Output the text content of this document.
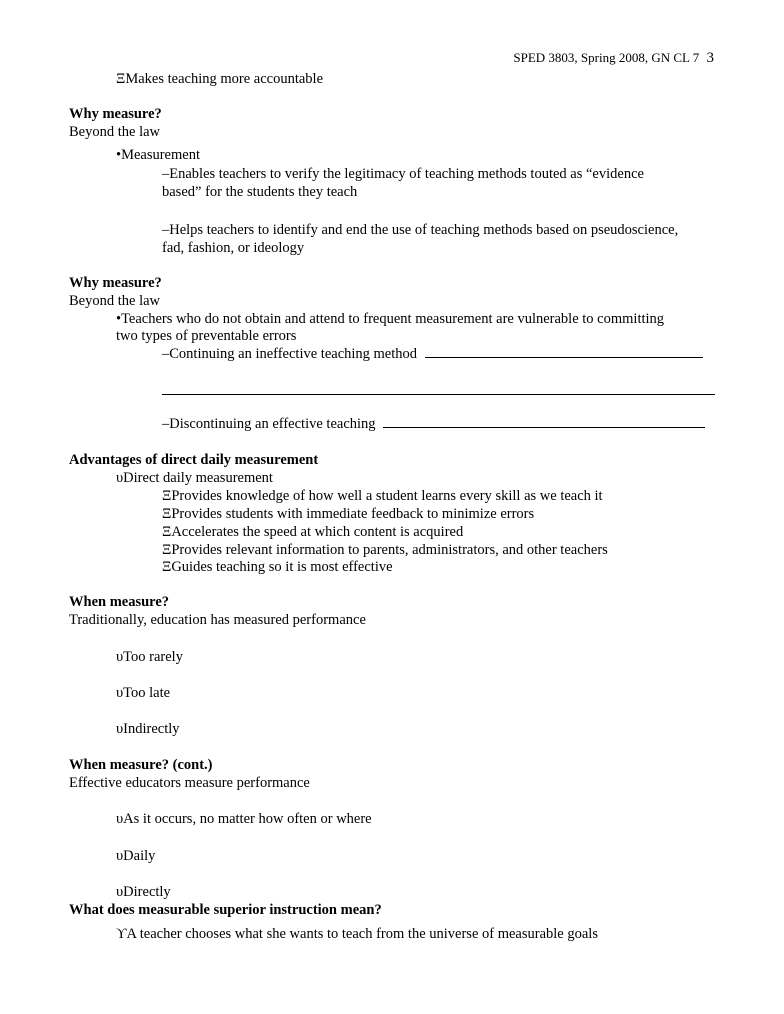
SPED 3803, Spring 2008, GN CL 7 3
ΞMakes teaching more accountable
Why measure?
Beyond the law
•Measurement
–Enables teachers to verify the legitimacy of teaching methods touted as “evidence
based” for the students they teach
–Helps teachers to identify and end the use of teaching methods based on pseudoscience,
fad, fashion, or ideology
Why measure?
Beyond the law
•Teachers who do not obtain and attend to frequent measurement are vulnerable to committing
two types of preventable errors
–Continuing an ineffective teaching method
–Discontinuing an effective teaching
Advantages of direct daily measurement
υDirect daily measurement
ΞProvides knowledge of how well a student learns every skill as we teach it
ΞProvides students with immediate feedback to minimize errors
ΞAccelerates the speed at which content is acquired
ΞProvides relevant information to parents, administrators, and other teachers
ΞGuides teaching so it is most effective
When measure?
Traditionally, education has measured performance
υToo rarely
υToo late
υIndirectly
When measure? (cont.)
Effective educators measure performance
υAs it occurs, no matter how often or where
υDaily
υDirectly
What does measurable superior instruction mean?
ϒA teacher chooses what she wants to teach from the universe of measurable goals
